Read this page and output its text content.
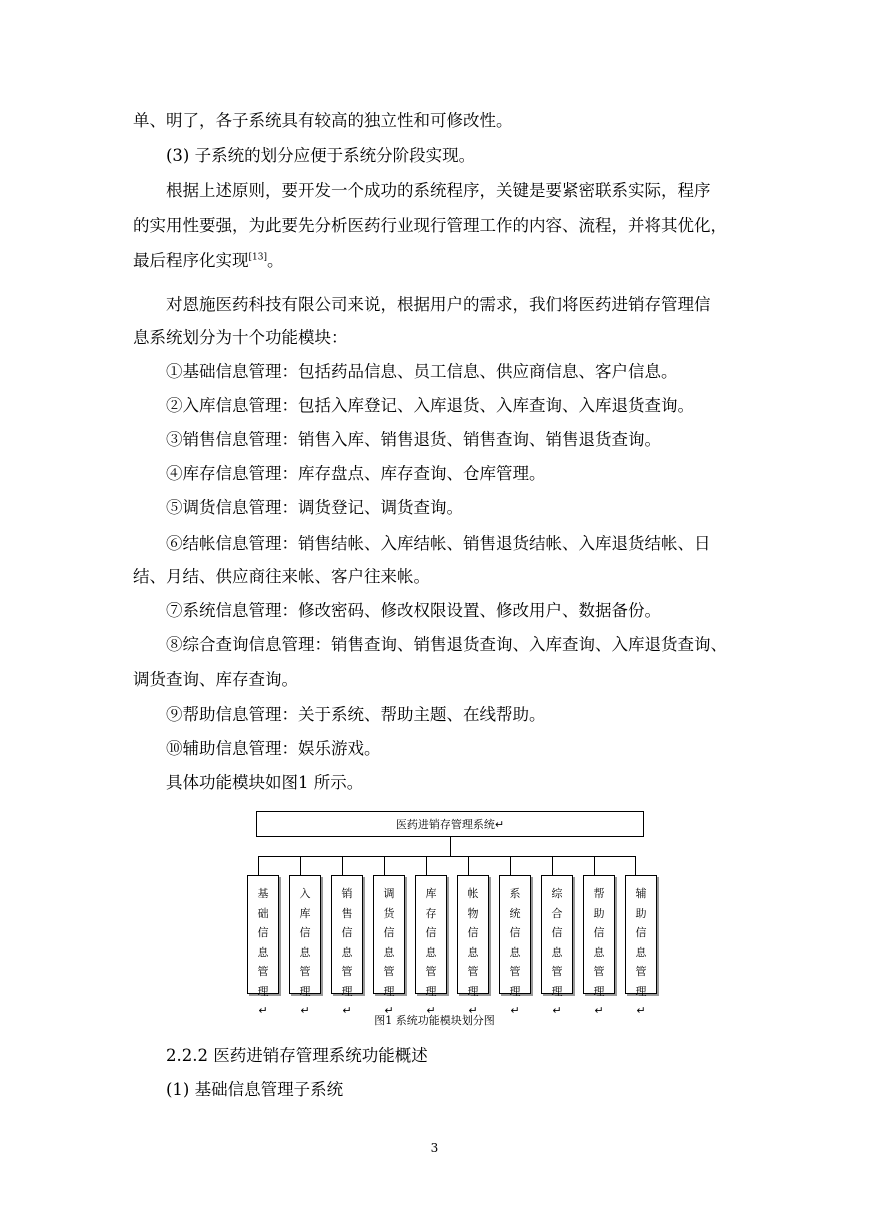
单、明了，各子系统具有较高的独立性和可修改性。
(3) 子系统的划分应便于系统分阶段实现。
根据上述原则，要开发一个成功的系统程序，关键是要紧密联系实际，程序
的实用性要强，为此要先分析医药行业现行管理工作的内容、流程，并将其优化，
最后程序化实现[13]。
对恩施医药科技有限公司来说，根据用户的需求，我们将医药进销存管理信
息系统划分为十个功能模块：
①基础信息管理：包括药品信息、员工信息、供应商信息、客户信息。
②入库信息管理：包括入库登记、入库退货、入库查询、入库退货查询。
③销售信息管理：销售入库、销售退货、销售查询、销售退货查询。
④库存信息管理：库存盘点、库存查询、仓库管理。
⑤调货信息管理：调货登记、调货查询。
⑥结帐信息管理：销售结帐、入库结帐、销售退货结帐、入库退货结帐、日
结、月结、供应商往来帐、客户往来帐。
⑦系统信息管理：修改密码、修改权限设置、修改用户、数据备份。
⑧综合查询信息管理：销售查询、销售退货查询、入库查询、入库退货查询、
调货查询、库存查询。
⑨帮助信息管理：关于系统、帮助主题、在线帮助。
⑩辅助信息管理：娱乐游戏。
具体功能模块如图1 所示。
医药进销存管理系统↵
基
础
信
息
管
理↵
入
库
信
息
管
理↵
销
售
信
息
管
理↵
调
货
信
息
管
理↵
库
存
信
息
管
理↵
帐
物
信
息
管
理↵
系
统
信
息
管
理↵
综
合
信
息
管
理↵
帮
助
信
息
管
理↵
辅
助
信
息
管
理↵
图1 系统功能模块划分图
2.2.2 医药进销存管理系统功能概述
(1) 基础信息管理子系统
3
